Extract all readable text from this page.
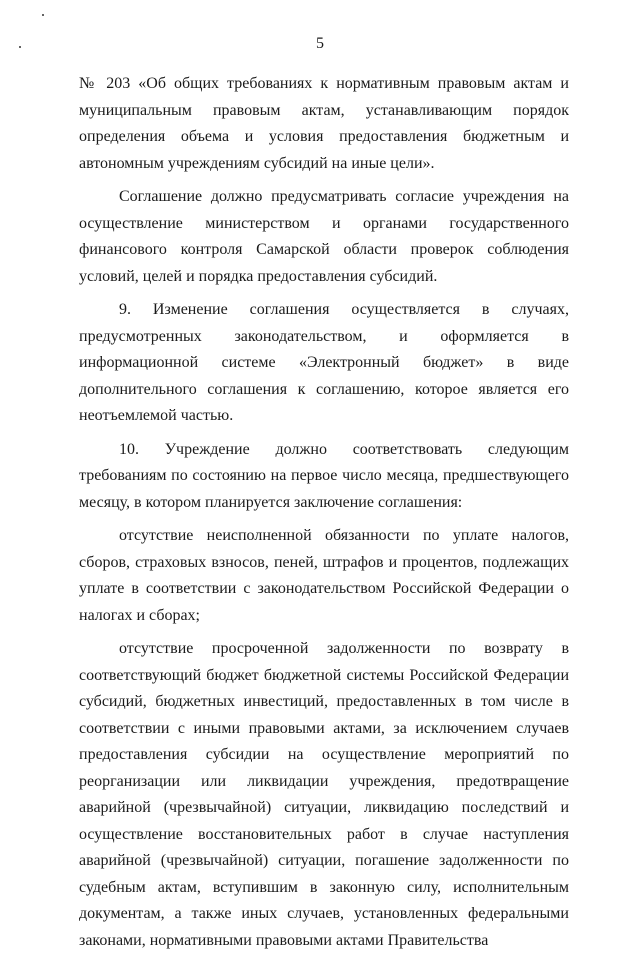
5

№ 203 «Об общих требованиях к нормативным правовым актам и муниципальным правовым актам, устанавливающим порядок определения объема и условия предоставления бюджетным и автономным учреждениям субсидий на иные цели».

Соглашение должно предусматривать согласие учреждения на осуществление министерством и органами государственного финансового контроля Самарской области проверок соблюдения условий, целей и порядка предоставления субсидий.

9. Изменение соглашения осуществляется в случаях, предусмотренных законодательством, и оформляется в информационной системе «Электронный бюджет» в виде дополнительного соглашения к соглашению, которое является его неотъемлемой частью.

10. Учреждение должно соответствовать следующим требованиям по состоянию на первое число месяца, предшествующего месяцу, в котором планируется заключение соглашения:

отсутствие неисполненной обязанности по уплате налогов, сборов, страховых взносов, пеней, штрафов и процентов, подлежащих уплате в соответствии с законодательством Российской Федерации о налогах и сборах;

отсутствие просроченной задолженности по возврату в соответствующий бюджет бюджетной системы Российской Федерации субсидий, бюджетных инвестиций, предоставленных в том числе в соответствии с иными правовыми актами, за исключением случаев предоставления субсидии на осуществление мероприятий по реорганизации или ликвидации учреждения, предотвращение аварийной (чрезвычайной) ситуации, ликвидацию последствий и осуществление восстановительных работ в случае наступления аварийной (чрезвычайной) ситуации, погашение задолженности по судебным актам, вступившим в законную силу, исполнительным документам, а также иных случаев, установленных федеральными законами, нормативными правовыми актами Правительства
